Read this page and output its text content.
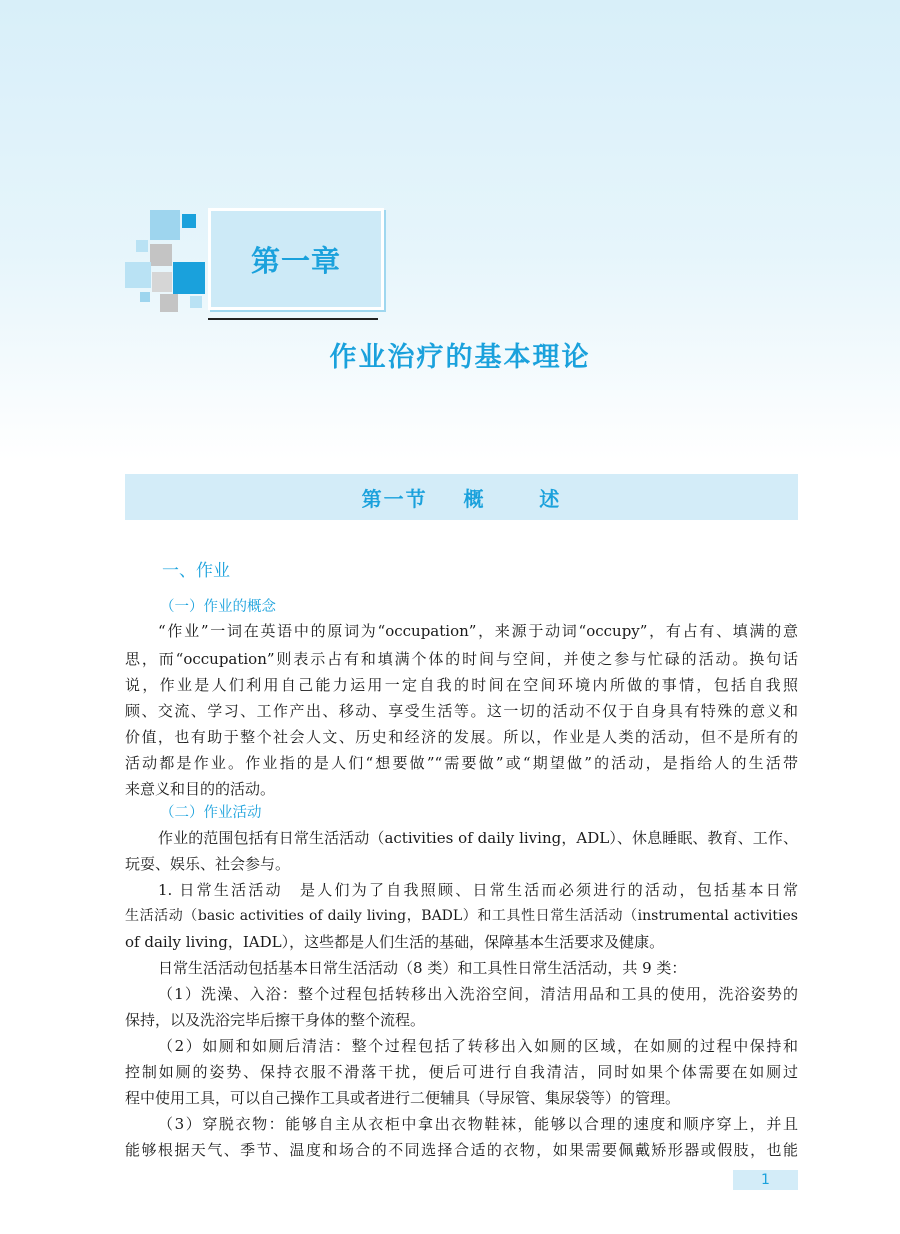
第一章
作业治疗的基本理论
第一节    概      述
一、作业
（一）作业的概念
“作业”一词在英语中的原词为“occupation”，来源于动词“occupy”，有占有、填满的意
思，而“occupation”则表示占有和填满个体的时间与空间，并使之参与忙碌的活动。换句话
说，作业是人们利用自己能力运用一定自我的时间在空间环境内所做的事情，包括自我照
顾、交流、学习、工作产出、移动、享受生活等。这一切的活动不仅于自身具有特殊的意义和
价值，也有助于整个社会人文、历史和经济的发展。所以，作业是人类的活动，但不是所有的
活动都是作业。作业指的是人们“想要做”“需要做”或“期望做”的活动，是指给人的生活带
来意义和目的的活动。
（二）作业活动
作业的范围包括有日常生活活动（activities of daily living，ADL）、休息睡眠、教育、工作、
玩耍、娱乐、社会参与。
1. 日常生活活动　是人们为了自我照顾、日常生活而必须进行的活动，包括基本日常
生活活动（basic activities of daily living，BADL）和工具性日常生活活动（instrumental activities
of daily living，IADL），这些都是人们生活的基础，保障基本生活要求及健康。
日常生活活动包括基本日常生活活动（8 类）和工具性日常生活活动，共 9 类：
（1）洗澡、入浴：整个过程包括转移出入洗浴空间，清洁用品和工具的使用，洗浴姿势的
保持，以及洗浴完毕后擦干身体的整个流程。
（2）如厕和如厕后清洁：整个过程包括了转移出入如厕的区域，在如厕的过程中保持和
控制如厕的姿势、保持衣服不滑落干扰，便后可进行自我清洁，同时如果个体需要在如厕过
程中使用工具，可以自己操作工具或者进行二便辅具（导尿管、集尿袋等）的管理。
（3）穿脱衣物：能够自主从衣柜中拿出衣物鞋袜，能够以合理的速度和顺序穿上，并且
能够根据天气、季节、温度和场合的不同选择合适的衣物，如果需要佩戴矫形器或假肢，也能
1
